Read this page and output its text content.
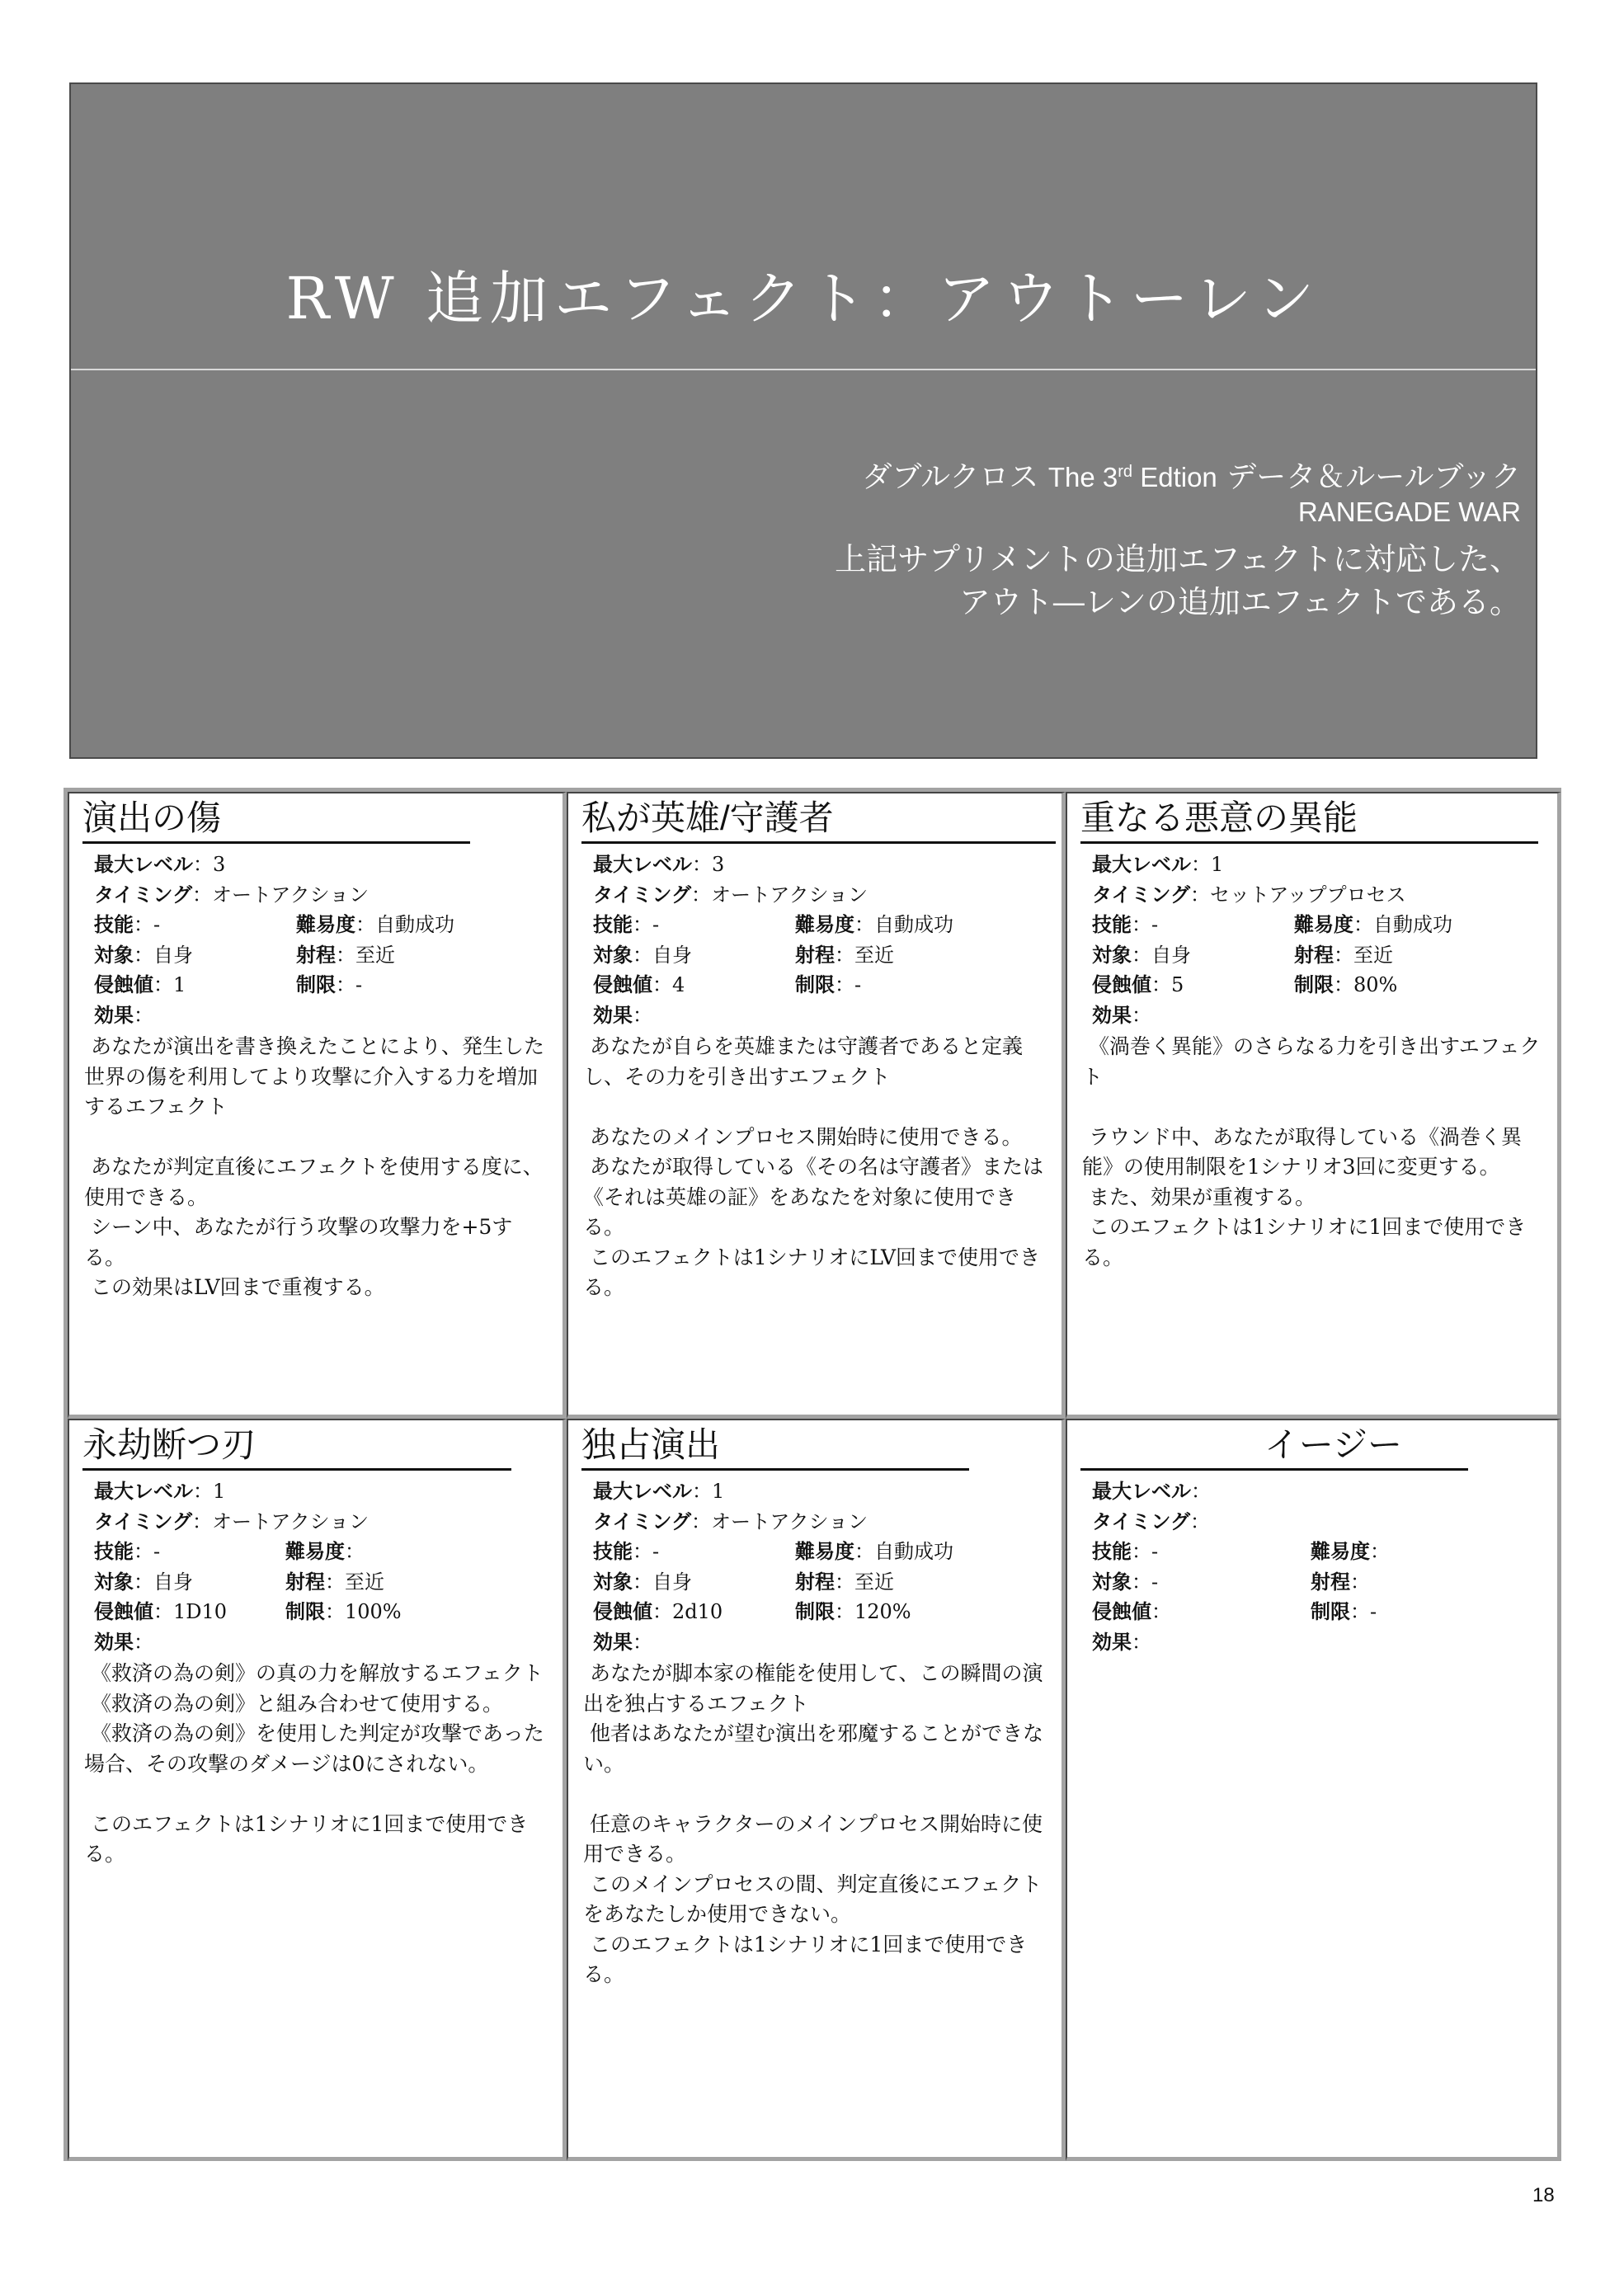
RW 追加エフェクト：アウトーレン
ダブルクロス The 3rd Edtion データ＆ルールブック
RANEGADE WAR
上記サプリメントの追加エフェクトに対応した、
アウト―レンの追加エフェクトである。
演出の傷
最大レベル：3
タイミング：オートアクション
技能：-	難易度：自動成功
対象：自身	射程：至近
侵蝕値：1	制限：-
効果：
あなたが演出を書き換えたことにより、発生した世界の傷を利用してより攻撃に介入する力を増加するエフェクト

あなたが判定直後にエフェクトを使用する度に、使用できる。
シーン中、あなたが行う攻撃の攻撃力を+5する。
この効果はLV回まで重複する。
私が英雄/守護者
最大レベル：3
タイミング：オートアクション
技能：-	難易度：自動成功
対象：自身	射程：至近
侵蝕値：4	制限：-
効果：
あなたが自らを英雄または守護者であると定義し、その力を引き出すエフェクト

あなたのメインプロセス開始時に使用できる。
あなたが取得している《その名は守護者》または《それは英雄の証》をあなたを対象に使用できる。
このエフェクトは1シナリオにLV回まで使用できる。
重なる悪意の異能
最大レベル：1
タイミング：セットアッププロセス
技能：-	難易度：自動成功
対象：自身	射程：至近
侵蝕値：5	制限：80%
効果：
《渦巻く異能》のさらなる力を引き出すエフェクト

ラウンド中、あなたが取得している《渦巻く異能》の使用制限を1シナリオ3回に変更する。
また、効果が重複する。
このエフェクトは1シナリオに1回まで使用できる。
永劫断つ刃
最大レベル：1
タイミング：オートアクション
技能：-	難易度：
対象：自身	射程：至近
侵蝕値：1D10	制限：100%
効果：
《救済の為の剣》の真の力を解放するエフェクト
《救済の為の剣》と組み合わせて使用する。
《救済の為の剣》を使用した判定が攻撃であった場合、その攻撃のダメージは0にされない。

このエフェクトは1シナリオに1回まで使用できる。
独占演出
最大レベル：1
タイミング：オートアクション
技能：-	難易度：自動成功
対象：自身	射程：至近
侵蝕値：2d10	制限：120%
効果：
あなたが脚本家の権能を使用して、この瞬間の演出を独占するエフェクト
他者はあなたが望む演出を邪魔することができない。

任意のキャラクターのメインプロセス開始時に使用できる。
このメインプロセスの間、判定直後にエフェクトをあなたしか使用できない。
このエフェクトは1シナリオに1回まで使用できる。
イージー
最大レベル：
タイミング：
技能：-	難易度：
対象：-	射程：
侵蝕値：	制限：-
効果：
18
